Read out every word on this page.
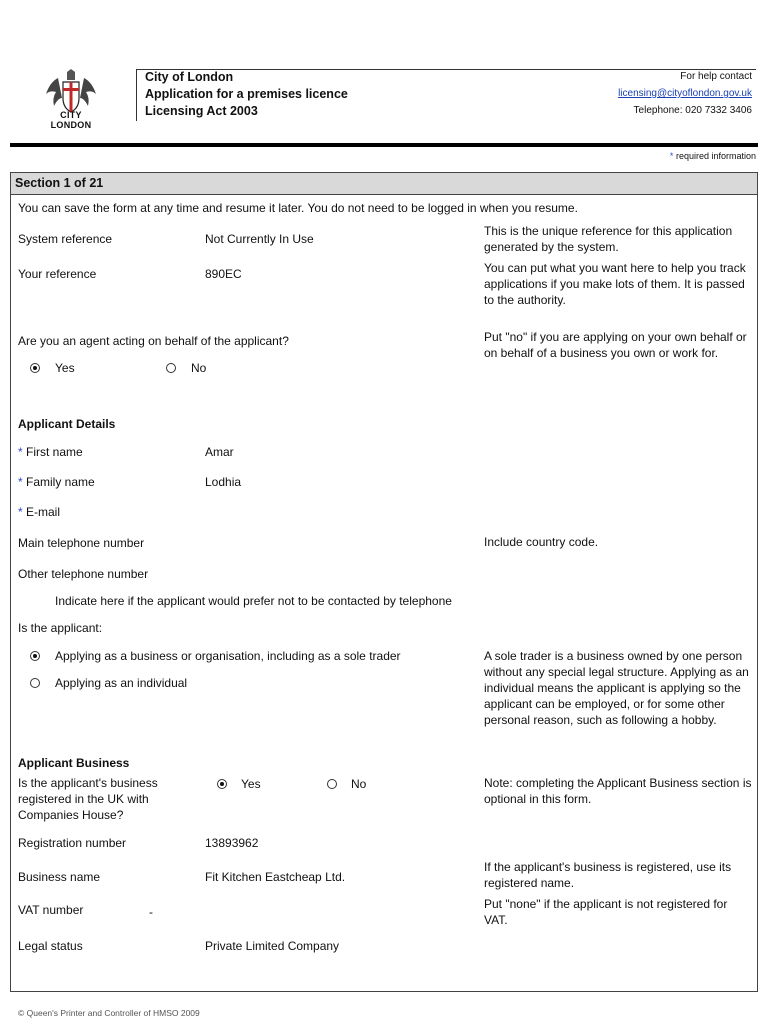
CITY
LONDON
City of London
Application for a premises licence
Licensing Act 2003
For help contact
licensing@cityoflondon.gov.uk
Telephone: 020 7332 3406
* required information
Section 1 of 21
You can save the form at any time and resume it later. You do not need to be logged in when you resume.
System reference	Not Currently In Use
This is the unique reference for this application generated by the system.
Your reference	890EC	You can put what you want here to help you track applications if you make lots of them. It is passed to the authority.
Are you an agent acting on behalf of the applicant?	Put "no" if you are applying on your own behalf or on behalf of a business you own or work for.
Yes	No
Applicant Details
* First name	Amar
* Family name	Lodhia
* E-mail
Main telephone number	Include country code.
Other telephone number
Indicate here if the applicant would prefer not to be contacted by telephone
Is the applicant:
Applying as a business or organisation, including as a sole trader
Applying as an individual
A sole trader is a business owned by one person without any special legal structure. Applying as an individual means the applicant is applying so the applicant can be employed, or for some other personal reason, such as following a hobby.
Applicant Business
Is the applicant's business registered in the UK with Companies House?
Yes	No	Note: completing the Applicant Business section is optional in this form.
Registration number	13893962
Business name	Fit Kitchen Eastcheap Ltd.
If the applicant's business is registered, use its registered name.
VAT number	-
Put "none" if the applicant is not registered for VAT.
Legal status	Private Limited Company
© Queen's Printer and Controller of HMSO 2009
